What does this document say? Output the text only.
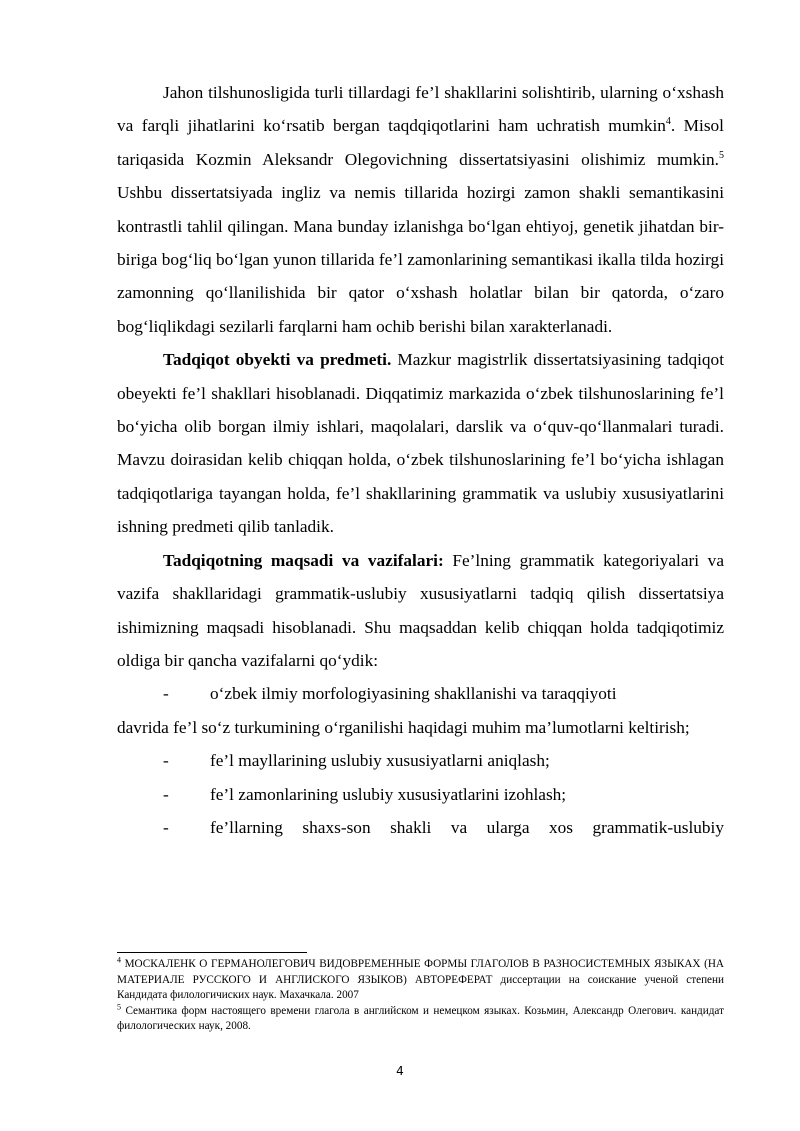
Jahon tilshunosligida turli tillardagi fe’l shakllarini solishtirib, ularning o‘xshash va farqli jihatlarini ko‘rsatib bergan taqdqiqotlarini ham uchratish mumkin$^4$. Misol tariqasida Kozmin Aleksandr Olegovichning dissertatsiyasini olishimiz mumkin.$^5$ Ushbu dissertatsiyada ingliz va nemis tillarida hozirgi zamon shakli semantikasini kontrastli tahlil qilingan. Mana bunday izlanishga bo‘lgan ehtiyoj, genetik jihatdan bir-biriga bog‘liq bo‘lgan yunon tillarida fe’l zamonlarining semantikasi ikalla tilda hozirgi zamonning qo‘llanilishida bir qator o‘xshash holatlar bilan bir qatorda, o‘zaro bog‘liqlikdagi sezilarli farqlarni ham ochib berishi bilan xarakterlanadi.

Tadqiqot obyekti va predmeti. Mazkur magistrlik dissertatsiyasining tadqiqot obeyekti fe’l shakllari hisoblanadi. Diqqatimiz markazida o‘zbek tilshunoslarining fe’l bo‘yicha olib borgan ilmiy ishlari, maqolalari, darslik va o‘quv-qo‘llanmalari turadi. Mavzu doirasidan kelib chiqqan holda, o‘zbek tilshunoslarining fe’l bo‘yicha ishlagan tadqiqotlariga tayangan holda, fe’l shakllarining grammatik va uslubiy xususiyatlarini ishning predmeti qilib tanladik.

Tadqiqotning maqsadi va vazifalari: Fe’lning grammatik kategoriyalari va vazifa shakllaridagi grammatik-uslubiy xususiyatlarni tadqiq qilish dissertatsiya ishimizning maqsadi hisoblanadi. Shu maqsaddan kelib chiqqan holda tadqiqotimiz oldiga bir qancha vazifalarni qo‘ydik:

-	o‘zbek ilmiy morfologiyasining shakllanishi va taraqqiyoti
davrida fe’l so‘z turkumining o‘rganilishi haqidagi muhim ma’lumotlarni keltirish;

- fe’l mayllarining uslubiy xususiyatlarni aniqlash;

- fe’l zamonlarining uslubiy xususiyatlarini izohlash;

- fe’llarning shaxs-son shakli va ularga xos grammatik-uslubiy

$^4$ МОСКАЛЕНК О ГЕРМАНОЛЕГОВИЧ ВИДОВРЕМЕННЫЕ ФОРМЫ ГЛАГОЛОВ В РАЗНОСИСТЕМНЫХ ЯЗЫКАХ (НА МАТЕРИАЛЕ РУССКОГО И АНГЛИСКОГО ЯЗЫКОВ) АВТОРЕФЕРАТ диссертации на соискание ученой степени Кандидата филологичиских наук. Махачкала. 2007

$^5$ Семантика форм настоящего времени глагола в английском и немецком языках. Козьмин, Александр Олегович. кандидат филологических наук, 2008.

4
